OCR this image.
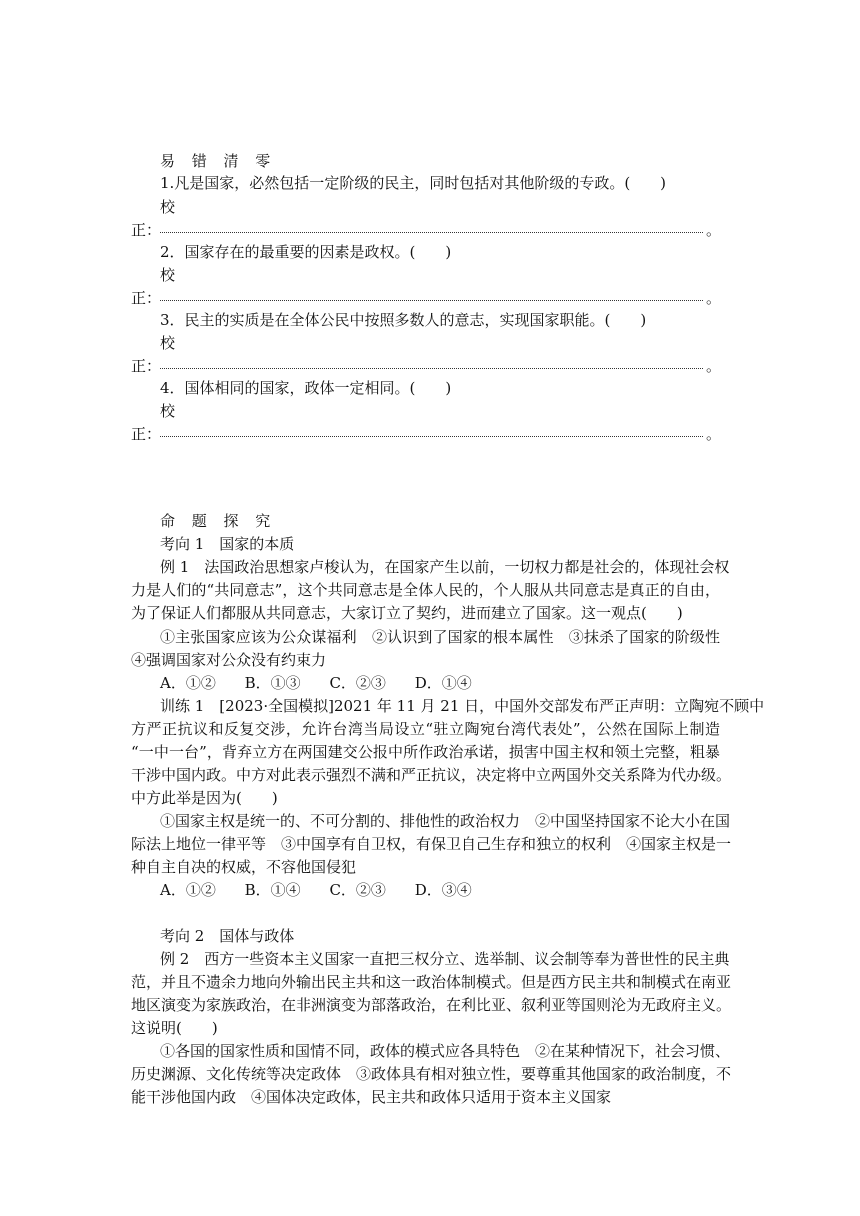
易 错 清 零
1.凡是国家，必然包括一定阶级的民主，同时包括对其他阶级的专政。(　　)
校
正：	。
2．国家存在的最重要的因素是政权。(　　)
校
正：	。
3．民主的实质是在全体公民中按照多数人的意志，实现国家职能。(　　)
校
正：	。
4．国体相同的国家，政体一定相同。(　　)
校
正：	。
命 题 探 究
考向 1　国家的本质
例 1　法国政治思想家卢梭认为，在国家产生以前，一切权力都是社会的，体现社会权
力是人们的“共同意志”，这个共同意志是全体人民的，个人服从共同意志是真正的自由，
为了保证人们都服从共同意志，大家订立了契约，进而建立了国家。这一观点(　　)
①主张国家应该为公众谋福利　②认识到了国家的根本属性　③抹杀了国家的阶级性
④强调国家对公众没有约束力
A．①② B．①③ C．②③ D．①④
训练 1　[2023·全国模拟]2021 年 11 月 21 日，中国外交部发布严正声明：立陶宛不顾中
方严正抗议和反复交涉，允许台湾当局设立“驻立陶宛台湾代表处”，公然在国际上制造
“一中一台”，背弃立方在两国建交公报中所作政治承诺，损害中国主权和领土完整，粗暴
干涉中国内政。中方对此表示强烈不满和严正抗议，决定将中立两国外交关系降为代办级。
中方此举是因为(　　)
①国家主权是统一的、不可分割的、排他性的政治权力　②中国坚持国家不论大小在国
际法上地位一律平等　③中国享有自卫权，有保卫自己生存和独立的权利　④国家主权是一
种自主自决的权威，不容他国侵犯
A．①② B．①④ C．②③ D．③④
考向 2　国体与政体
例 2　西方一些资本主义国家一直把三权分立、选举制、议会制等奉为普世性的民主典
范，并且不遗余力地向外输出民主共和这一政治体制模式。但是西方民主共和制模式在南亚
地区演变为家族政治，在非洲演变为部落政治，在利比亚、叙利亚等国则沦为无政府主义。
这说明(　　)
①各国的国家性质和国情不同，政体的模式应各具特色　②在某种情况下，社会习惯、
历史渊源、文化传统等决定政体　③政体具有相对独立性，要尊重其他国家的政治制度，不
能干涉他国内政　④国体决定政体，民主共和政体只适用于资本主义国家
